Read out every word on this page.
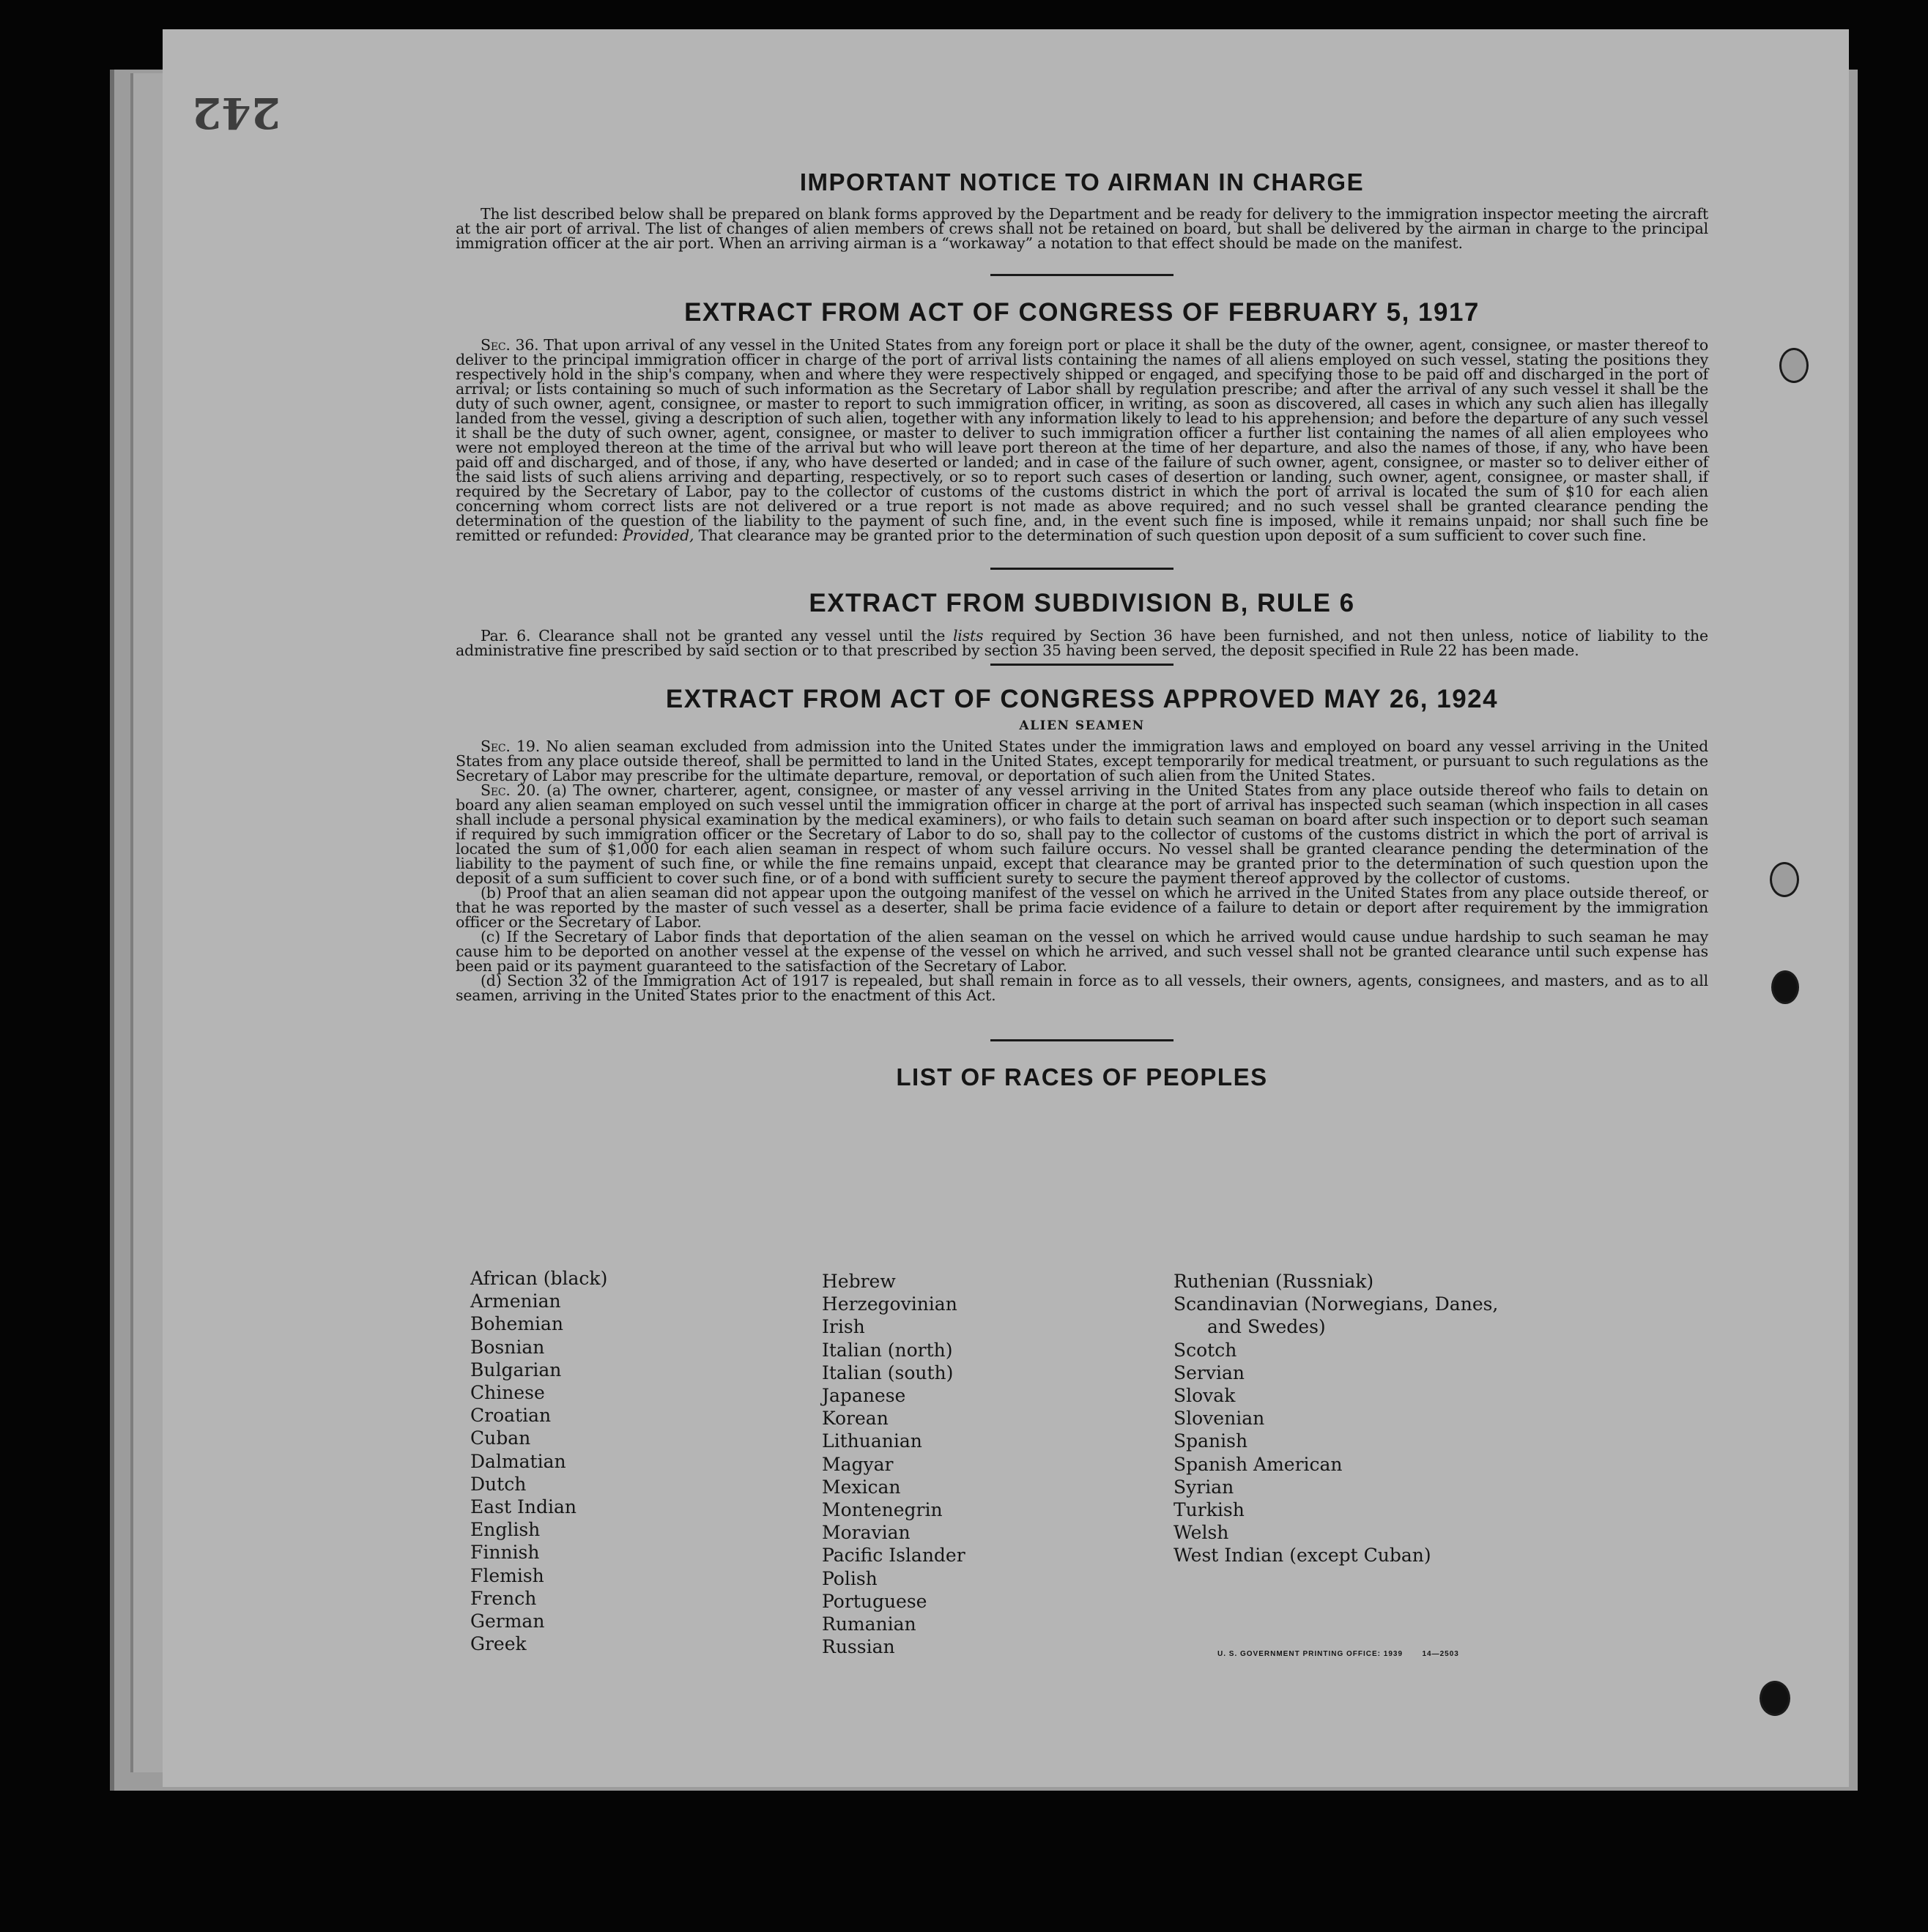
242
IMPORTANT NOTICE TO AIRMAN IN CHARGE

The list described below shall be prepared on blank forms approved by the Department and be ready for delivery to the immigration inspector meeting the aircraft at the air port of arrival. The list of changes of alien members of crews shall not be retained on board, but shall be delivered by the airman in charge to the principal immigration officer at the air port. When an arriving airman is a “workaway” a notation to that effect should be made on the manifest.

EXTRACT FROM ACT OF CONGRESS OF FEBRUARY 5, 1917

Sec. 36. That upon arrival of any vessel in the United States from any foreign port or place it shall be the duty of the owner, agent, consignee, or master thereof to deliver to the principal immigration officer in charge of the port of arrival lists containing the names of all aliens employed on such vessel, stating the positions they respectively hold in the ship's company, when and where they were respectively shipped or engaged, and specifying those to be paid off and discharged in the port of arrival; or lists containing so much of such information as the Secretary of Labor shall by regulation prescribe; and after the arrival of any such vessel it shall be the duty of such owner, agent, consignee, or master to report to such immigration officer, in writing, as soon as discovered, all cases in which any such alien has illegally landed from the vessel, giving a description of such alien, together with any information likely to lead to his apprehension; and before the departure of any such vessel it shall be the duty of such owner, agent, consignee, or master to deliver to such immigration officer a further list containing the names of all alien employees who were not employed thereon at the time of the arrival but who will leave port thereon at the time of her departure, and also the names of those, if any, who have been paid off and discharged, and of those, if any, who have deserted or landed; and in case of the failure of such owner, agent, consignee, or master so to deliver either of the said lists of such aliens arriving and departing, respectively, or so to report such cases of desertion or landing, such owner, agent, consignee, or master shall, if required by the Secretary of Labor, pay to the collector of customs of the customs district in which the port of arrival is located the sum of $10 for each alien concerning whom correct lists are not delivered or a true report is not made as above required; and no such vessel shall be granted clearance pending the determination of the question of the liability to the payment of such fine, and, in the event such fine is imposed, while it remains unpaid; nor shall such fine be remitted or refunded: Provided, That clearance may be granted prior to the determination of such question upon deposit of a sum sufficient to cover such fine.

EXTRACT FROM SUBDIVISION B, RULE 6

Par. 6. Clearance shall not be granted any vessel until the lists required by Section 36 have been furnished, and not then unless, notice of liability to the administrative fine prescribed by said section or to that prescribed by section 35 having been served, the deposit specified in Rule 22 has been made.

EXTRACT FROM ACT OF CONGRESS APPROVED MAY 26, 1924
ALIEN SEAMEN

Sec. 19. No alien seaman excluded from admission into the United States under the immigration laws and employed on board any vessel arriving in the United States from any place outside thereof, shall be permitted to land in the United States, except temporarily for medical treatment, or pursuant to such regulations as the Secretary of Labor may prescribe for the ultimate departure, removal, or deportation of such alien from the United States.

Sec. 20. (a) The owner, charterer, agent, consignee, or master of any vessel arriving in the United States from any place outside thereof who fails to detain on board any alien seaman employed on such vessel until the immigration officer in charge at the port of arrival has inspected such seaman (which inspection in all cases shall include a personal physical examination by the medical examiners), or who fails to detain such seaman on board after such inspection or to deport such seaman if required by such immigration officer or the Secretary of Labor to do so, shall pay to the collector of customs of the customs district in which the port of arrival is located the sum of $1,000 for each alien seaman in respect of whom such failure occurs. No vessel shall be granted clearance pending the determination of the liability to the payment of such fine, or while the fine remains unpaid, except that clearance may be granted prior to the determination of such question upon the deposit of a sum sufficient to cover such fine, or of a bond with sufficient surety to secure the payment thereof approved by the collector of customs.

(b) Proof that an alien seaman did not appear upon the outgoing manifest of the vessel on which he arrived in the United States from any place outside thereof, or that he was reported by the master of such vessel as a deserter, shall be prima facie evidence of a failure to detain or deport after requirement by the immigration officer or the Secretary of Labor.

(c) If the Secretary of Labor finds that deportation of the alien seaman on the vessel on which he arrived would cause undue hardship to such seaman he may cause him to be deported on another vessel at the expense of the vessel on which he arrived, and such vessel shall not be granted clearance until such expense has been paid or its payment guaranteed to the satisfaction of the Secretary of Labor.

(d) Section 32 of the Immigration Act of 1917 is repealed, but shall remain in force as to all vessels, their owners, agents, consignees, and masters, and as to all seamen, arriving in the United States prior to the enactment of this Act.

LIST OF RACES OF PEOPLES
African (black)
Armenian
Bohemian
Bosnian
Bulgarian
Chinese
Croatian
Cuban
Dalmatian
Dutch
East Indian
English
Finnish
Flemish
French
German
Greek
Hebrew
Herzegovinian
Irish
Italian (north)
Italian (south)
Japanese
Korean
Lithuanian
Magyar
Mexican
Montenegrin
Moravian
Pacific Islander
Polish
Portuguese
Rumanian
Russian
Ruthenian (Russniak)
Scandinavian (Norwegians, Danes,
and Swedes)
Scotch
Servian
Slovak
Slovenian
Spanish
Spanish American
Syrian
Turkish
Welsh
West Indian (except Cuban)
U. S. GOVERNMENT PRINTING OFFICE: 1939	14—2503
